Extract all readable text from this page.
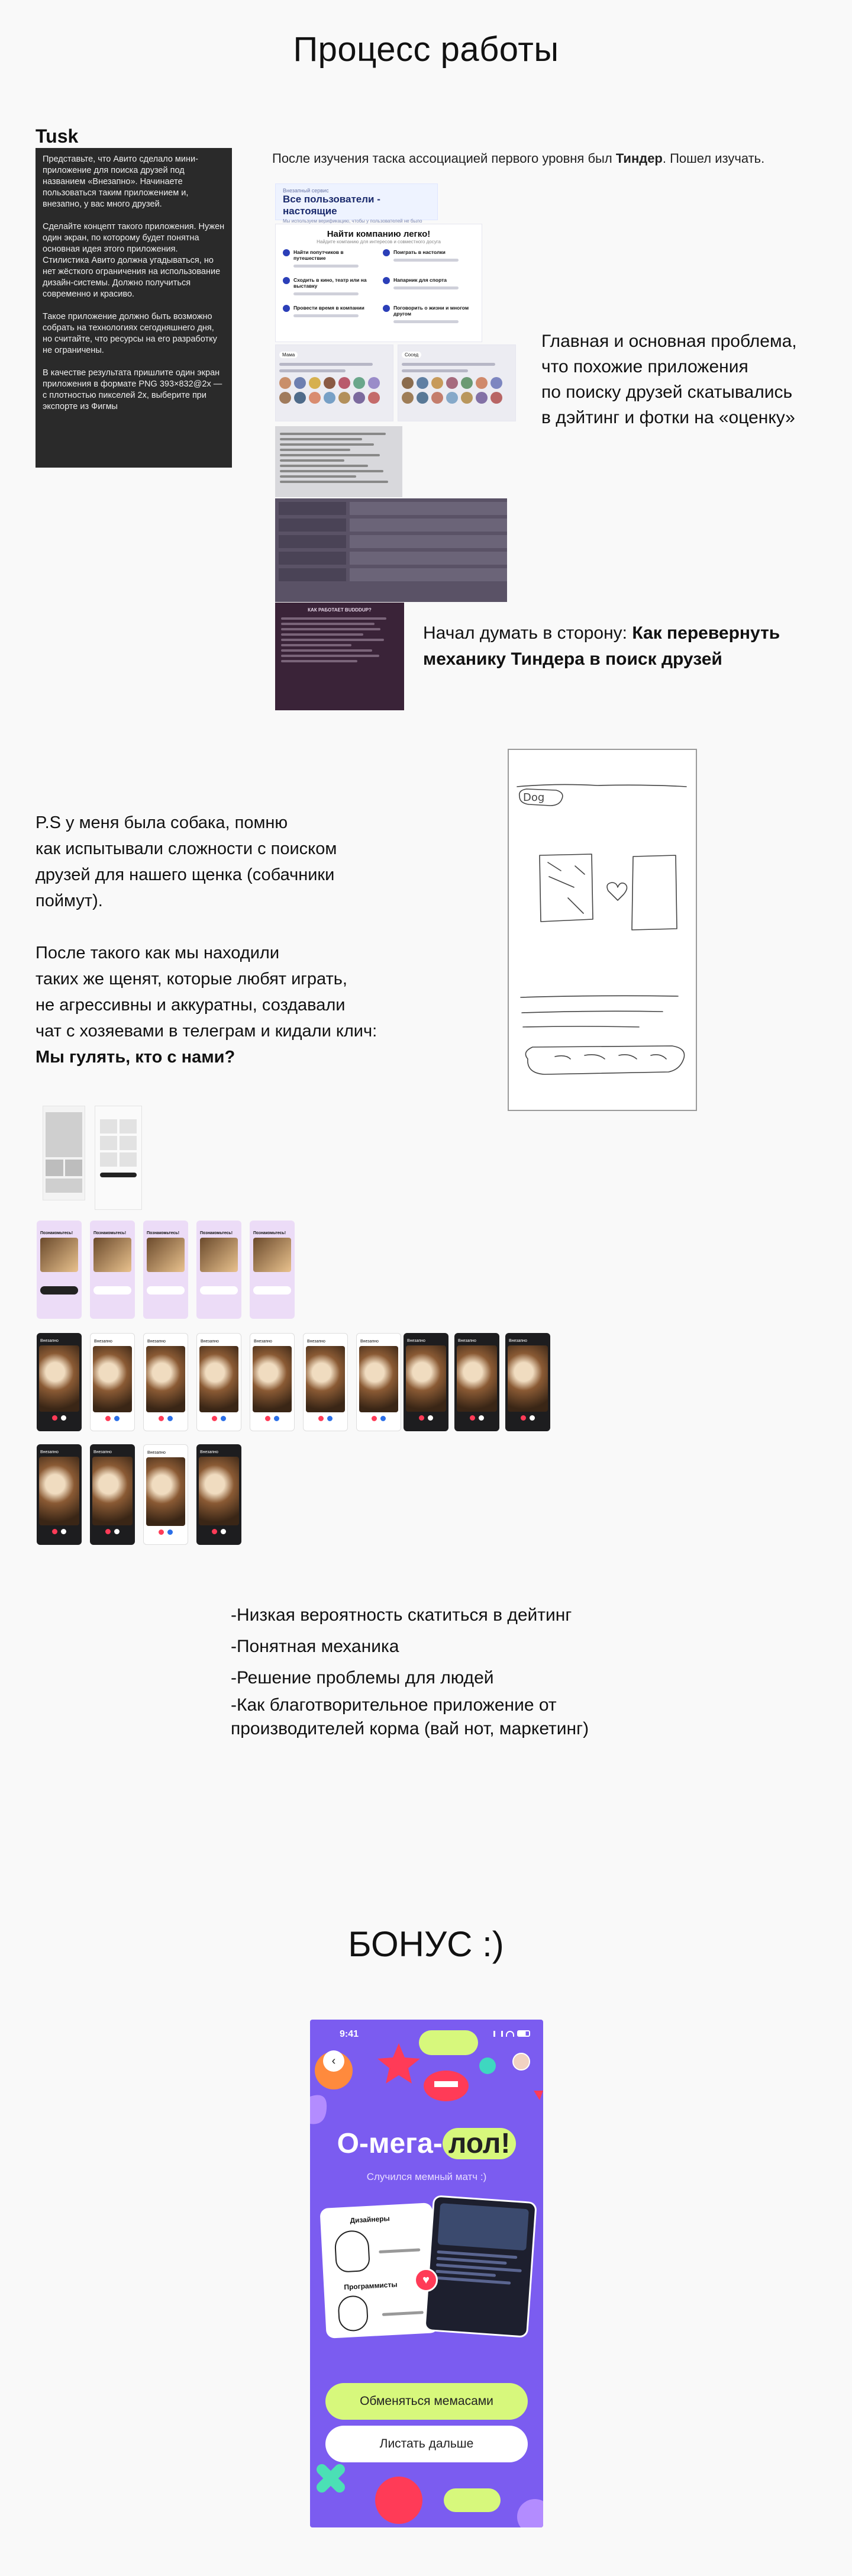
Процесс работы
Tusk

Представьте, что Авито сделало мини-приложение для поиска друзей под названием «Внезапно». Начинаете пользоваться таким приложением и, внезапно, у вас много друзей.

Сделайте концепт такого приложения. Нужен один экран, по которому будет понятна основная идея этого приложения. Стилистика Авито должна угадываться, но нет жёсткого ограничения на использование дизайн-системы. Должно получиться современно и красиво.

Такое приложение должно быть возможно собрать на технологиях сегодняшнего дня, но считайте, что ресурсы на его разработку не ограничены.

В качестве результата пришлите один экран приложения в формате PNG 393×832@2x — с плотностью пикселей 2x, выберите при экспорте из Фигмы

После изучения таска ассоциацией первого уровня был Тиндер. Пошел изучать.
Внезапный сервис
Все пользователи - настоящие
Мы используем верификацию, чтобы у пользователей не было
Найти компанию легко!
Найдите компанию для интересов и совместного досуга
Найти попутчиков в путешествие
Поиграть в настолки
Сходить в кино, театр или на выставку
Напарник для спорта
Провести время в компании	Поговорить о жизни и многом другом
Мама	Сосед
КАК РАБОТАЕТ BUDDDUP?
Главная и основная проблема,
что похожие приложения
по поиску друзей скатывались
в дэйтинг и фотки на «оценку»
Начал думать в сторону: Как перевернуть
механику Тиндера в поиск друзей
P.S у меня была собака, помню
как испытывали сложности с поиском
друзей для нашего щенка (собачники
поймут).
После такого как мы находили
таких же щенят, которые любят играть,
не агрессивны и аккуратны, создавали
чат с хозяевами в телеграм и кидали клич:
Мы гулять, кто с нами?
Dog
Познакомьтесь!	Познакомьтесь!	Познакомьтесь!	Познакомьтесь!	Познакомьтесь!
Внезапно	Внезапно	Внезапно	Внезапно	Внезапно	Внезапно	Внезапно	Внезапно	Внезапно	Внезапно
Внезапно	Внезапно	Внезапно	Внезапно
-Низкая вероятность скатиться в дейтинг
-Понятная механика
-Решение проблемы для людей
-Как благотворительное приложение от
производителей корма (вай нот, маркетинг)
БОНУС :)
9:41
‹
О-мега- лол!
Случился мемный матч :)
Дизайнеры
Программисты	♥
Обменяться мемасами
Листать дальше
